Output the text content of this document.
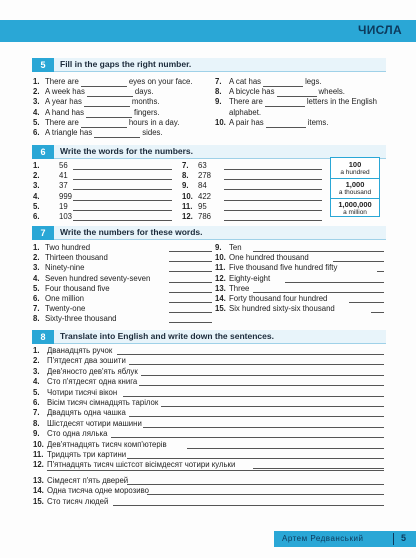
ЧИСЛА
5	Fill in the gaps the right number.
6	Write the words for the numbers.
100
a hundred
1,000
a thousand
1,000,000
a million
7	Write the numbers for these words.
8	Translate into English and write down the sentences.
Артем Редванський	5
1. There are	eyes on your face.
2. A week has	days.
3. A year has	months.
4. A hand has	fingers.
5. There are	hours in a day.
6. A triangle has	sides.
7. A cat has	legs.
8. A bicycle has	wheels.
9. There are	letters in the English
alphabet.
10. A pair has	items.
1. 56
2. 41
3. 37
4. 999
5. 19
6. 103
7. 63
8. 278
9. 84
10. 422
11. 95
12. 786
1. Two hundred
2. Thirteen thousand
3. Ninety-nine
4. Seven hundred seventy-seven
5. Four thousand five
6. One million
7. Twenty-one
8. Sixty-three thousand
9. Ten
10. One hundred thousand
11. Five thousand five hundred fifty
12. Eighty-eight
13. Three
14. Forty thousand four hundred
15. Six hundred sixty-six thousand
1. Дванадцять ручок
2. П'ятдесят два зошити
3. Дев'яносто дев'ять яблук
4. Сто п'ятдесят одна книга
5. Чотири тисячі вікон
6. Вісім тисяч сімнадцять тарілок
7. Двадцять одна чашка
8. Шістдесят чотири машини
9. Сто одна лялька
10. Дев'ятнадцять тисяч комп'ютерів
11. Тридцять три картини
12. П'ятнадцять тисяч шістсот вісімдесят чотири кульки
13. Сімдесят п'ять дверей
14. Одна тисяча одне морозиво
15. Сто тисяч людей
